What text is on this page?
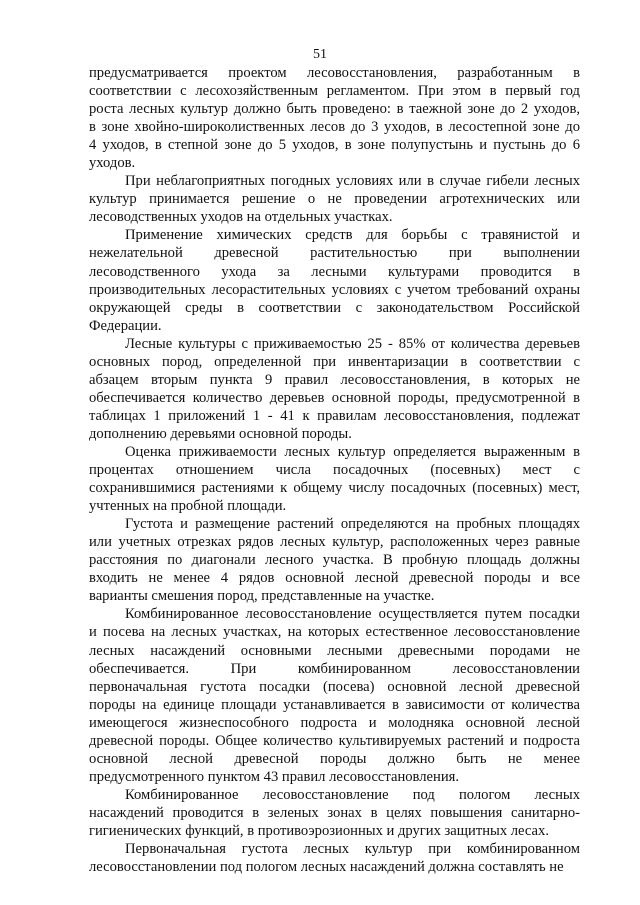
51
предусматривается проектом лесовосстановления, разработанным в
соответствии с лесохозяйственным регламентом. При этом в первый год
роста лесных культур должно быть проведено: в таежной зоне до 2 уходов,
в зоне хвойно-широколиственных лесов до 3 уходов, в лесостепной зоне до
4 уходов, в степной зоне до 5 уходов, в зоне полупустынь и пустынь до 6
уходов.
При неблагоприятных погодных условиях или в случае гибели лесных
культур принимается решение о не проведении агротехнических или
лесоводственных уходов на отдельных участках.
Применение химических средств для борьбы с травянистой и
нежелательной древесной растительностью при выполнении
лесоводственного ухода за лесными культурами проводится в
производительных лесорастительных условиях с учетом требований охраны
окружающей среды в соответствии с законодательством Российской
Федерации.
Лесные культуры с приживаемостью 25 - 85% от количества деревьев
основных пород, определенной при инвентаризации в соответствии с
абзацем вторым пункта 9 правил лесовосстановления, в которых не
обеспечивается количество деревьев основной породы, предусмотренной в
таблицах 1 приложений 1 - 41 к правилам лесовосстановления, подлежат
дополнению деревьями основной породы.
Оценка приживаемости лесных культур определяется выраженным в
процентах отношением числа посадочных (посевных) мест с
сохранившимися растениями к общему числу посадочных (посевных) мест,
учтенных на пробной площади.
Густота и размещение растений определяются на пробных площадях
или учетных отрезках рядов лесных культур, расположенных через равные
расстояния по диагонали лесного участка. В пробную площадь должны
входить не менее 4 рядов основной лесной древесной породы и все
варианты смешения пород, представленные на участке.
Комбинированное лесовосстановление осуществляется путем посадки
и посева на лесных участках, на которых естественное лесовосстановление
лесных насаждений основными лесными древесными породами не
обеспечивается. При комбинированном лесовосстановлении
первоначальная густота посадки (посева) основной лесной древесной
породы на единице площади устанавливается в зависимости от количества
имеющегося жизнеспособного подроста и молодняка основной лесной
древесной породы. Общее количество культивируемых растений и подроста
основной лесной древесной породы должно быть не менее
предусмотренного пунктом 43 правил лесовосстановления.
Комбинированное лесовосстановление под пологом лесных
насаждений проводится в зеленых зонах в целях повышения санитарно-
гигиенических функций, в противоэрозионных и других защитных лесах.
Первоначальная густота лесных культур при комбинированном
лесовосстановлении под пологом лесных насаждений должна составлять не
